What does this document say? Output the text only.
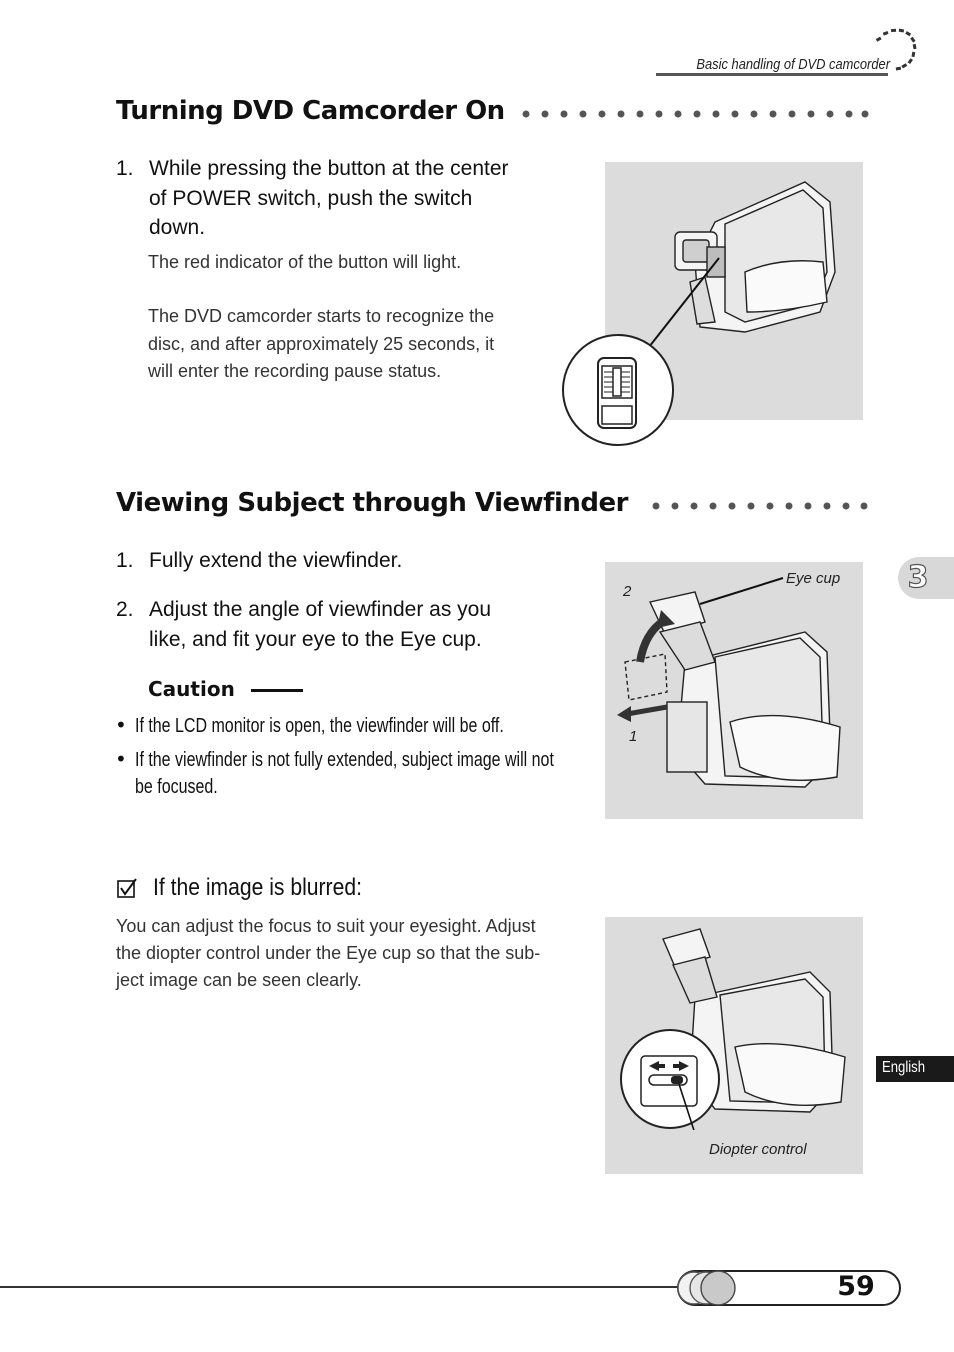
Basic handling of DVD camcorder
Turning DVD Camcorder On
1. While pressing the button at the center
of POWER switch, push the switch
down.
The red indicator of the button will light.
The DVD camcorder starts to recognize the
disc, and after approximately 25 seconds, it
will enter the recording pause status.
Viewing Subject through Viewfinder
1. Fully extend the viewfinder.
2. Adjust the angle of viewfinder as you
like, and fit your eye to the Eye cup.
Caution
• If the LCD monitor is open, the viewfinder will be off.
• If the viewfinder is not fully extended, subject image will not
be focused.
Eye cup
2
1
3
If the image is blurred:
You can adjust the focus to suit your eyesight. Adjust
the diopter control under the Eye cup so that the sub-
ject image can be seen clearly.
Diopter control
English
59
